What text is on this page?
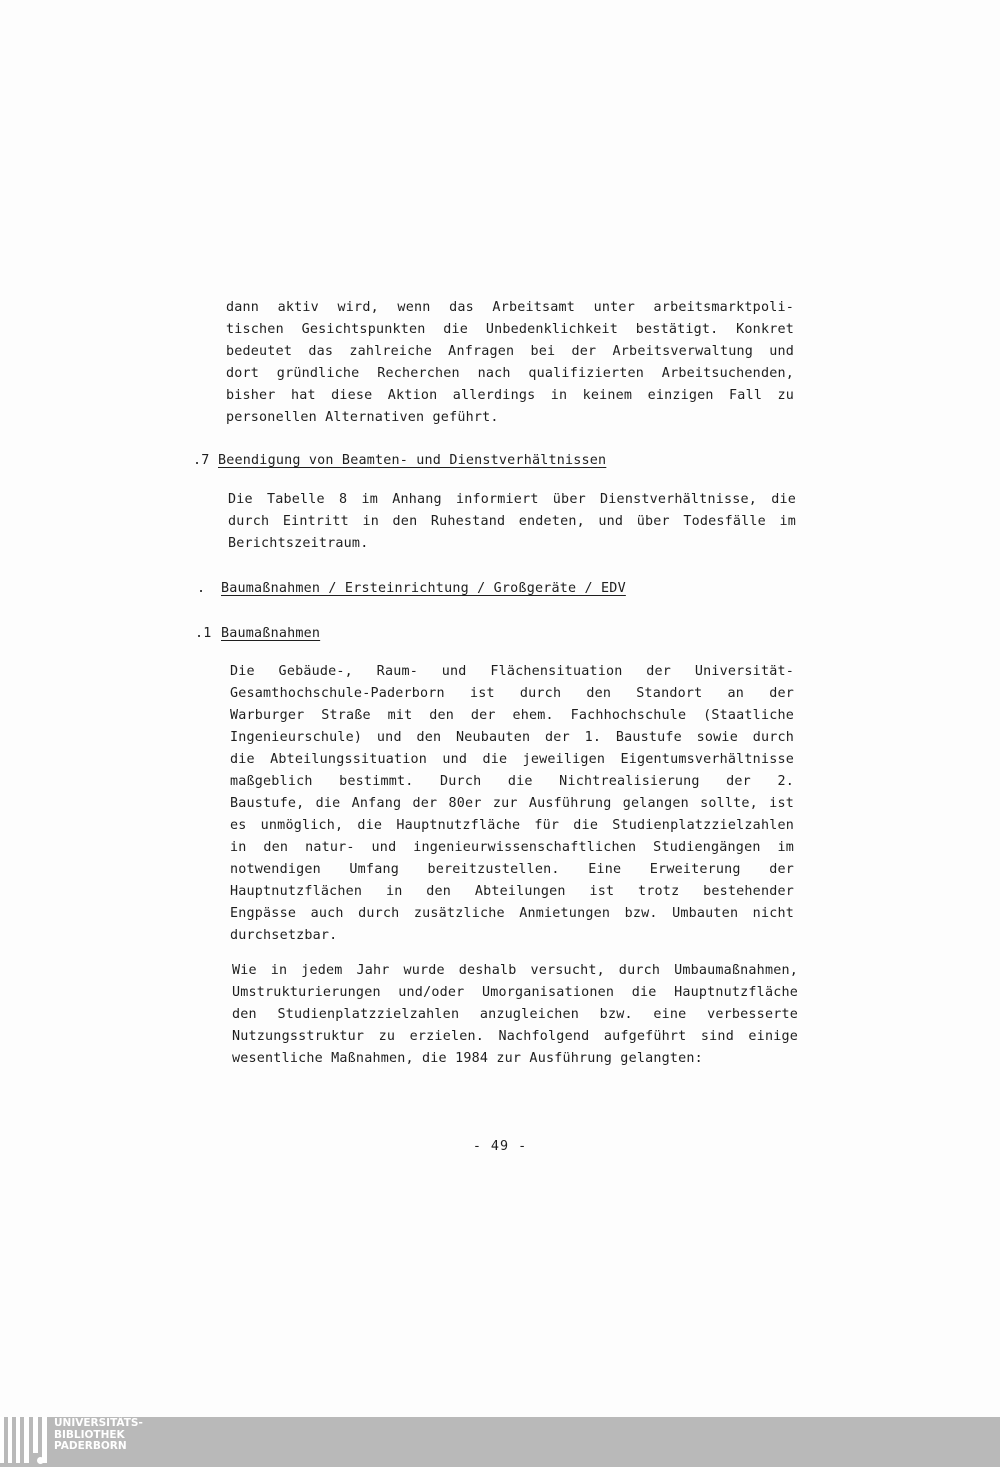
dann aktiv wird, wenn das Arbeitsamt unter arbeitsmarktpoli-
tischen Gesichtspunkten die Unbedenklichkeit bestätigt. Konkret
bedeutet das zahlreiche Anfragen bei der Arbeitsverwaltung und
dort gründliche Recherchen nach qualifizierten Arbeitsuchenden,
bisher hat diese Aktion allerdings in keinem einzigen Fall zu
personellen Alternativen geführt.

.7 Beendigung von Beamten- und Dienstverhältnissen

Die Tabelle 8 im Anhang informiert über Dienstverhältnisse, die
durch Eintritt in den Ruhestand endeten, und über Todesfälle im
Berichtszeitraum.

. Baumaßnahmen / Ersteinrichtung / Großgeräte / EDV

.1 Baumaßnahmen

Die Gebäude-, Raum- und Flächensituation der Universität-
Gesamthochschule-Paderborn ist durch den Standort an der
Warburger Straße mit den der ehem. Fachhochschule (Staatliche
Ingenieurschule) und den Neubauten der 1. Baustufe sowie durch
die Abteilungssituation und die jeweiligen Eigentumsverhältnisse
maßgeblich bestimmt. Durch die Nichtrealisierung der 2.
Baustufe, die Anfang der 80er zur Ausführung gelangen sollte, ist
es unmöglich, die Hauptnutzfläche für die Studienplatzzielzahlen
in den natur- und ingenieurwissenschaftlichen Studiengängen im
notwendigen Umfang bereitzustellen. Eine Erweiterung der
Hauptnutzflächen in den Abteilungen ist trotz bestehender
Engpässe auch durch zusätzliche Anmietungen bzw. Umbauten nicht
durchsetzbar.
Wie in jedem Jahr wurde deshalb versucht, durch Umbaumaßnahmen,
Umstrukturierungen und/oder Umorganisationen die Hauptnutzfläche
den Studienplatzzielzahlen anzugleichen bzw. eine verbesserte
Nutzungsstruktur zu erzielen. Nachfolgend aufgeführt sind einige
wesentliche Maßnahmen, die 1984 zur Ausführung gelangten:
- 49 -
UNIVERSITÄTS-
BIBLIOTHEK
PADERBORN
